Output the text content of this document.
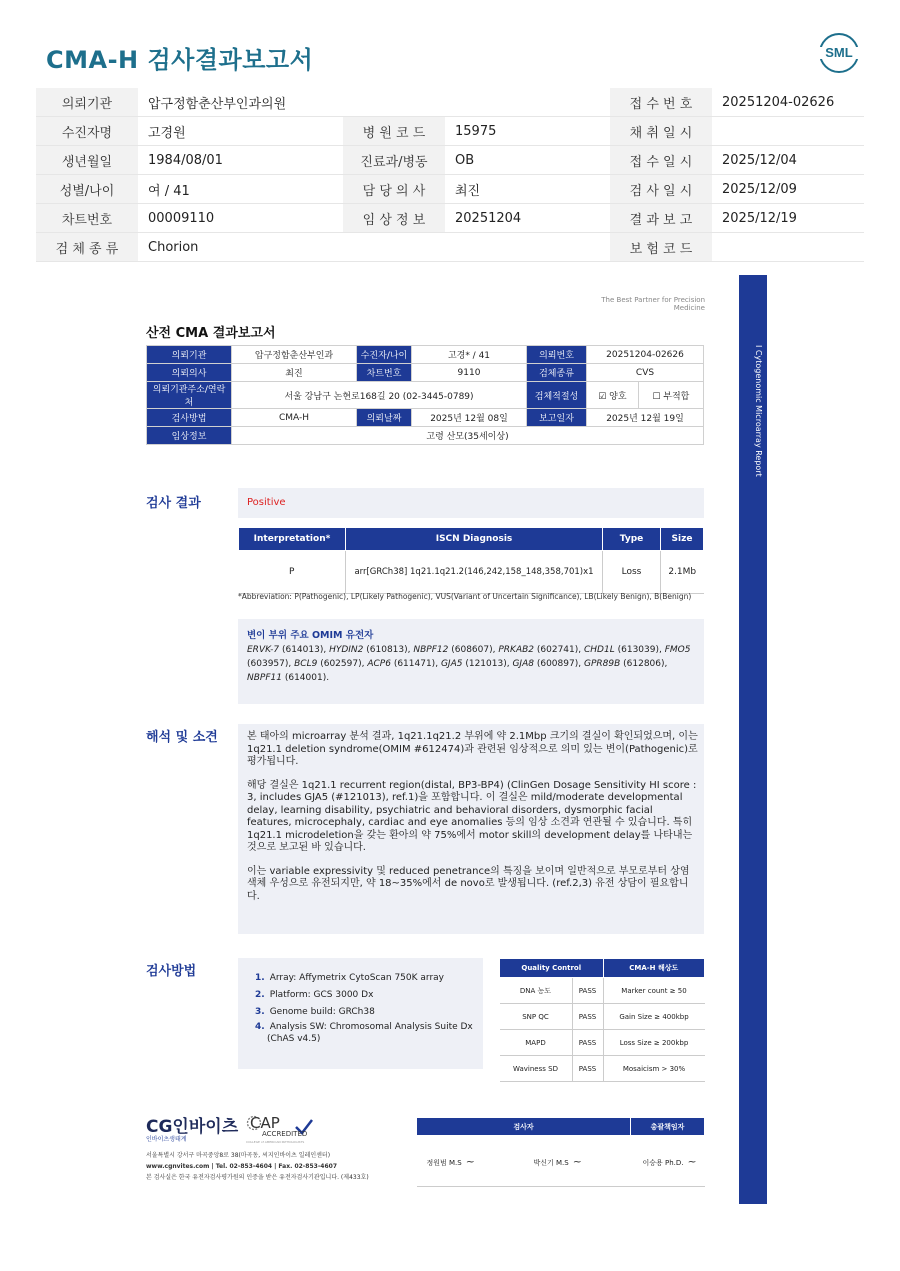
CMA-H 검사결과보고서	SML
의뢰기관	압구정함춘산부인과의원			접 수 번 호	20251204-02626
수진자명	고경원	병 원 코 드	15975	채 취 일 시	
생년월일	1984/08/01	진료과/병동	OB	접 수 일 시	2025/12/04
성별/나이	여 / 41	담 당 의 사	최진	검 사 일 시	2025/12/09
차트번호	00009110	임 상 정 보	20251204	결 과 보 고	2025/12/19
검 체 종 류	Chorion			보 험 코 드	
The Best Partner for Precision Medicine
I Cytogenomic Microarray Report
산전 CMA 결과보고서
의뢰기관	압구정함춘산부인과	수진자/나이	고경* / 41	의뢰번호	20251204-02626	
의뢰의사	최진	차트번호	9110	검체종류	CVS	
의뢰기관주소/연락처	서울 강남구 논현로168길 20 (02-3445-0789)			검체적절성	☑ 양호	☐ 부적합
검사방법	CMA-H	의뢰날짜	2025년 12월 08일	보고일자	2025년 12월 19일	
임상정보	고령 산모(35세이상)					
검사 결과	Positive
Interpretation*	ISCN Diagnosis	Type	Size
P	arr[GRCh38] 1q21.1q21.2(146,242,158_148,358,701)x1	Loss	2.1Mb
*Abbreviation: P(Pathogenic), LP(Likely Pathogenic), VUS(Variant of Uncertain Significance), LB(Likely Benign), B(Benign)
변이 부위 주요 OMIM 유전자
ERVK-7 (614013), HYDIN2 (610813), NBPF12 (608607), PRKAB2 (602741), CHD1L (613039), FMO5 (603957), BCL9 (602597), ACP6 (611471), GJA5 (121013), GJA8 (600897), GPR89B (612806), NBPF11 (614001).
해석 및 소견	본 태아의 microarray 분석 결과, 1q21.1q21.2 부위에 약 2.1Mbp 크기의 결실이 확인되었으며, 이는 1q21.1 deletion syndrome(OMIM #612474)과 관련된 임상적으로 의미 있는 변이(Pathogenic)로 평가됩니다.

해당 결실은 1q21.1 recurrent region(distal, BP3-BP4) (ClinGen Dosage Sensitivity HI score : 3, includes GJA5 (#121013), ref.1)을 포함합니다. 이 결실은 mild/moderate developmental delay, learning disability, psychiatric and behavioral disorders, dysmorphic facial features, microcephaly, cardiac and eye anomalies 등의 임상 소견과 연관될 수 있습니다. 특히 1q21.1 microdeletion을 갖는 환아의 약 75%에서 motor skill의 development delay를 나타내는 것으로 보고된 바 있습니다.

이는 variable expressivity 및 reduced penetrance의 특징을 보이며 일반적으로 부모로부터 상염색체 우성으로 유전되지만, 약 18~35%에서 de novo로 발생됩니다. (ref.2,3) 유전 상담이 필요합니다.

검사방법	1. Array: Affymetrix CytoScan 750K array
2. Platform: GCS 3000 Dx
3. Genome build: GRCh38
4. Analysis SW: Chromosomal Analysis Suite Dx
(ChAS v4.5)
Quality Control		CMA-H 해상도
DNA 농도	PASS	Marker count ≥ 50
SNP QC	PASS	Gain Size ≥ 400kbp
MAPD	PASS	Loss Size ≥ 200kbp
Waviness SD	PASS	Mosaicism > 30%
CG인바이츠
인바이츠생태계
CAP
ACCREDITED
COLLEGE of AMERICAN PATHOLOGISTS
서울특별시 강서구 마곡중앙8로 38(마곡동, 씨지인바이츠 일레인센터)
www.cgnvites.com | Tel. 02-853-4604 | Fax. 02-853-4607
본 검사실은 한국 유전자검사평가원의 인증을 받은 유전자검사기관입니다. (제433호)
검사자		총괄책임자
정원범 M.S ~	박신기 M.S ~	이승용 Ph.D. ~
